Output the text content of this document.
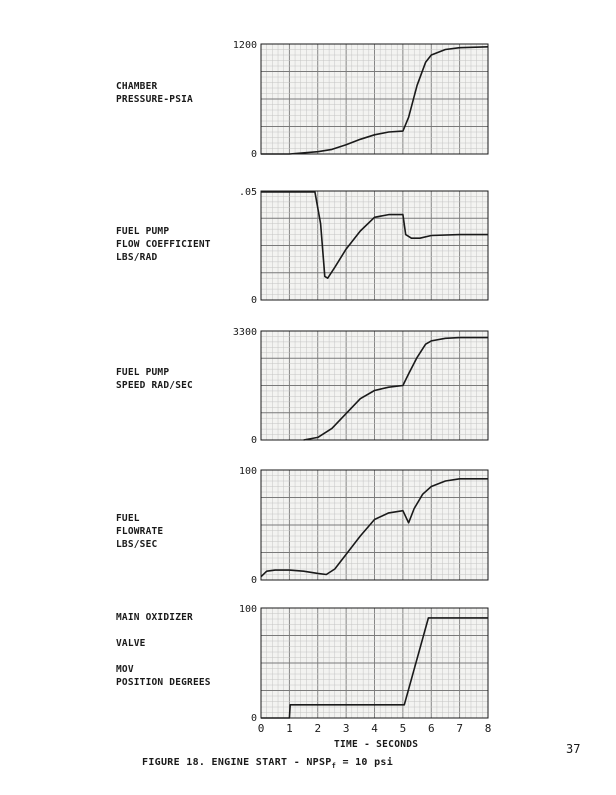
1200
0
.05
0
3300
0
100
0
100
0
0 1 2 3 4 5 6 7 8
CHAMBER
PRESSURE-PSIA
FUEL PUMP
FLOW COEFFICIENT
LBS/RAD
FUEL PUMP
SPEED RAD/SEC
FUEL
FLOWRATE
LBS/SEC
MAIN OXIDIZER

VALVE

MOV
POSITION DEGREES
TIME - SECONDS	37
FIGURE 18. ENGINE START - $NPSP_f = 10$ psi
